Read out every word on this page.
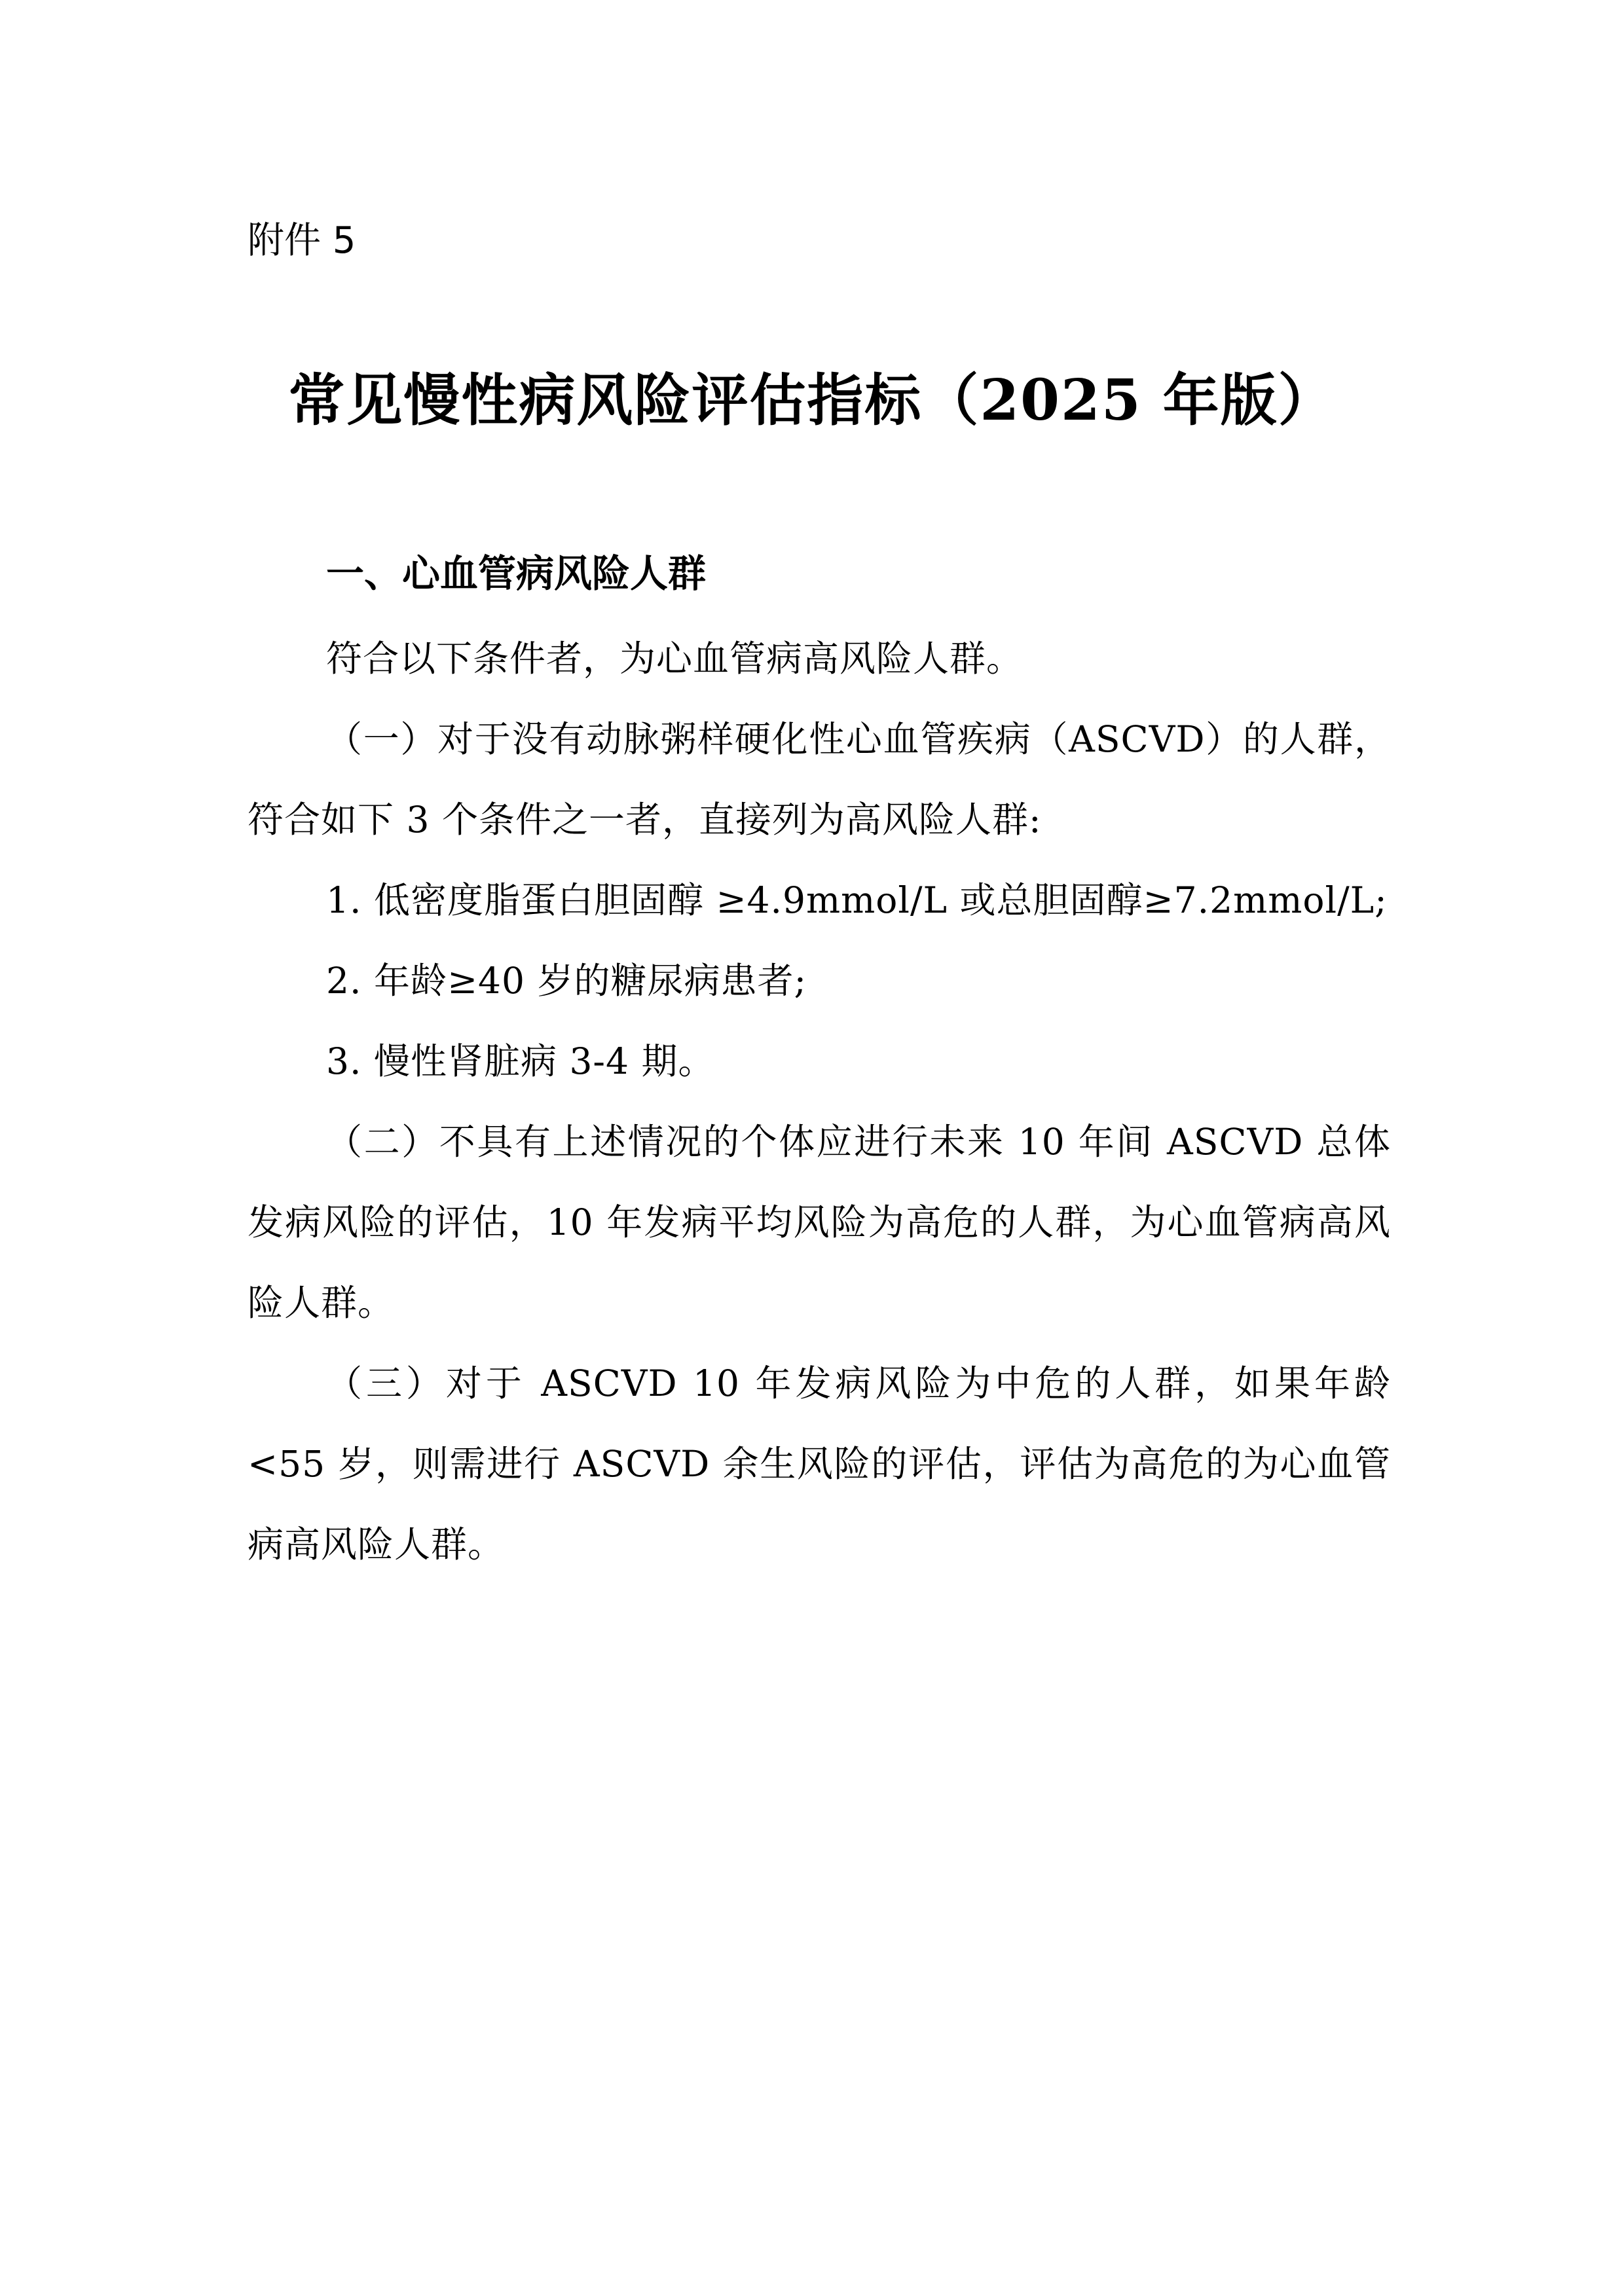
附件 5
常见慢性病风险评估指标（2025 年版）
一、心血管病风险人群

符合以下条件者，为心血管病高风险人群。

（一）对于没有动脉粥样硬化性心血管疾病（ASCVD）的人群，符合如下 3 个条件之一者，直接列为高风险人群:

1. 低密度脂蛋白胆固醇 ≥4.9mmol/L 或总胆固醇≥7.2mmol/L;

2. 年龄≥40 岁的糖尿病患者;

3. 慢性肾脏病 3-4 期。

（二）不具有上述情况的个体应进行未来 10 年间 ASCVD 总体发病风险的评估，10 年发病平均风险为高危的人群，为心血管病高风险人群。

（三）对于 ASCVD 10 年发病风险为中危的人群，如果年龄<55 岁，则需进行 ASCVD 余生风险的评估，评估为高危的为心血管病高风险人群。
